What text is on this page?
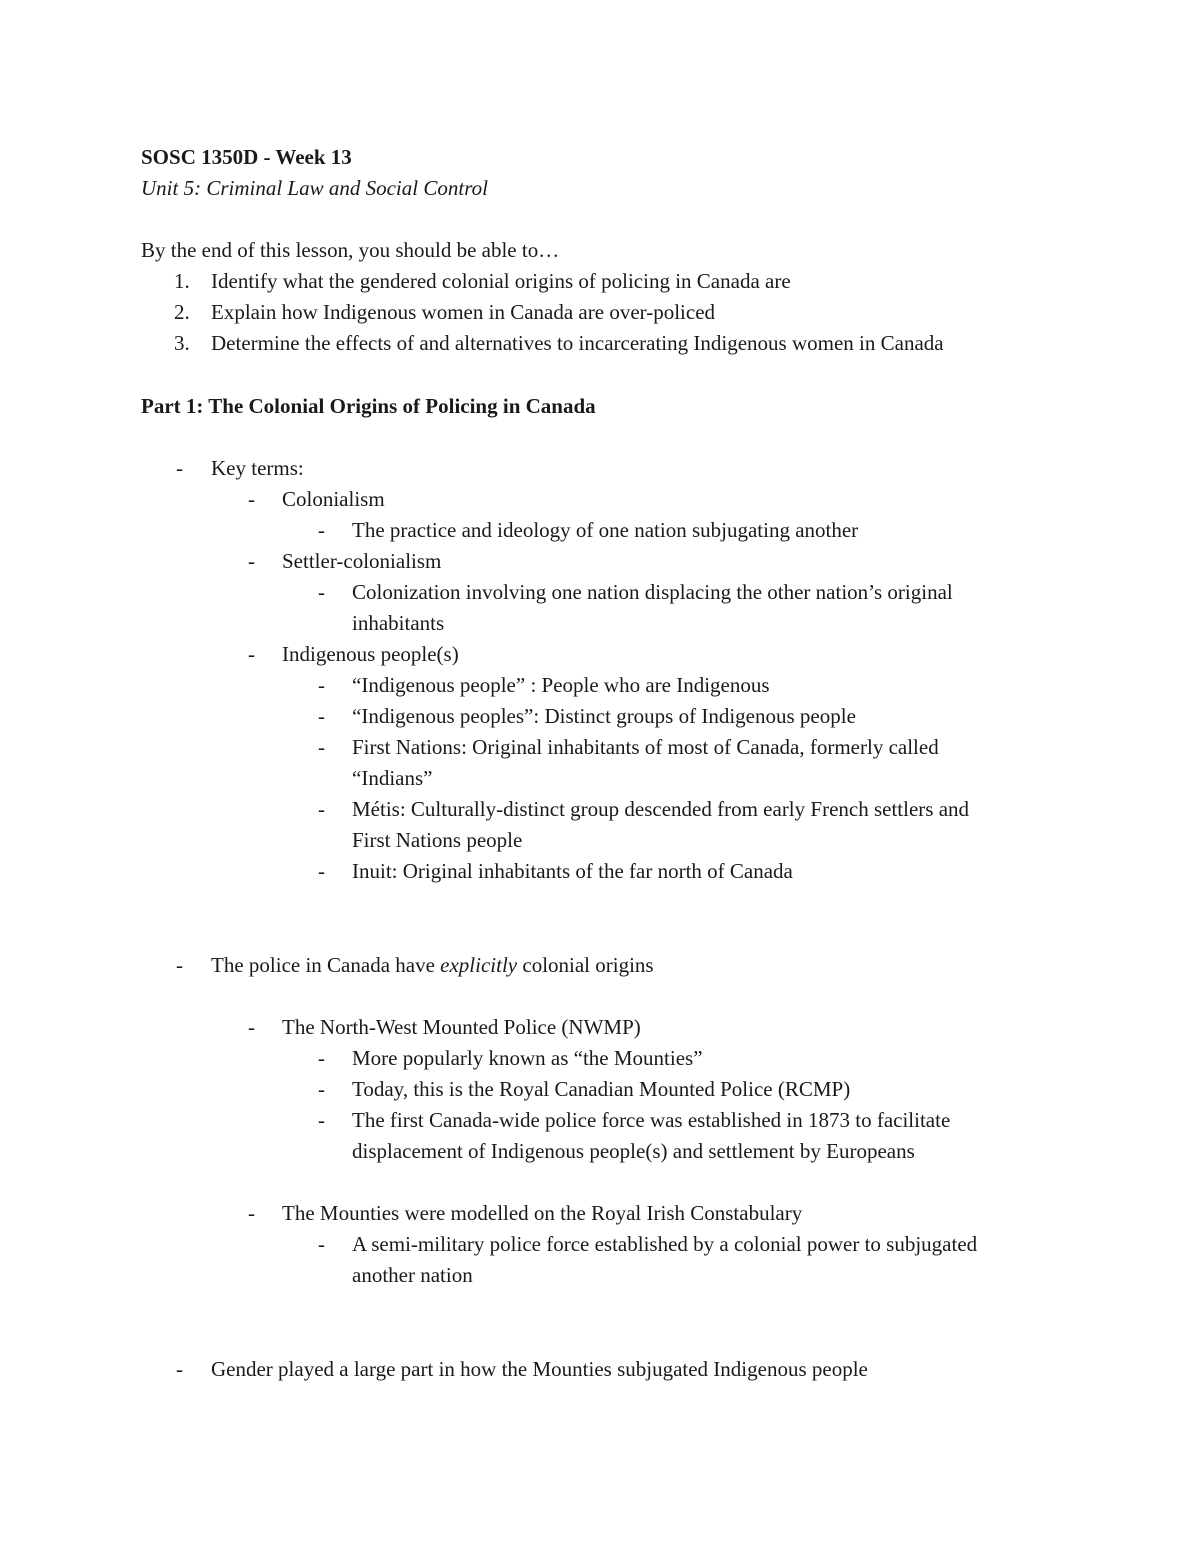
SOSC 1350D - Week 13
Unit 5: Criminal Law and Social Control
By the end of this lesson, you should be able to…
1. Identify what the gendered colonial origins of policing in Canada are
2. Explain how Indigenous women in Canada are over-policed
3. Determine the effects of and alternatives to incarcerating Indigenous women in Canada
Part 1: The Colonial Origins of Policing in Canada
- Key terms:
- Colonialism
- The practice and ideology of one nation subjugating another
- Settler-colonialism
- Colonization involving one nation displacing the other nation’s original
inhabitants
- Indigenous people(s)
- “Indigenous people” : People who are Indigenous
- “Indigenous peoples”: Distinct groups of Indigenous people
- First Nations: Original inhabitants of most of Canada, formerly called
“Indians”
- Métis: Culturally-distinct group descended from early French settlers and
First Nations people
- Inuit: Original inhabitants of the far north of Canada
- The police in Canada have explicitly colonial origins
- The North-West Mounted Police (NWMP)
- More popularly known as “the Mounties”
- Today, this is the Royal Canadian Mounted Police (RCMP)
- The first Canada-wide police force was established in 1873 to facilitate
displacement of Indigenous people(s) and settlement by Europeans
- The Mounties were modelled on the Royal Irish Constabulary
- A semi-military police force established by a colonial power to subjugated
another nation
- Gender played a large part in how the Mounties subjugated Indigenous people
